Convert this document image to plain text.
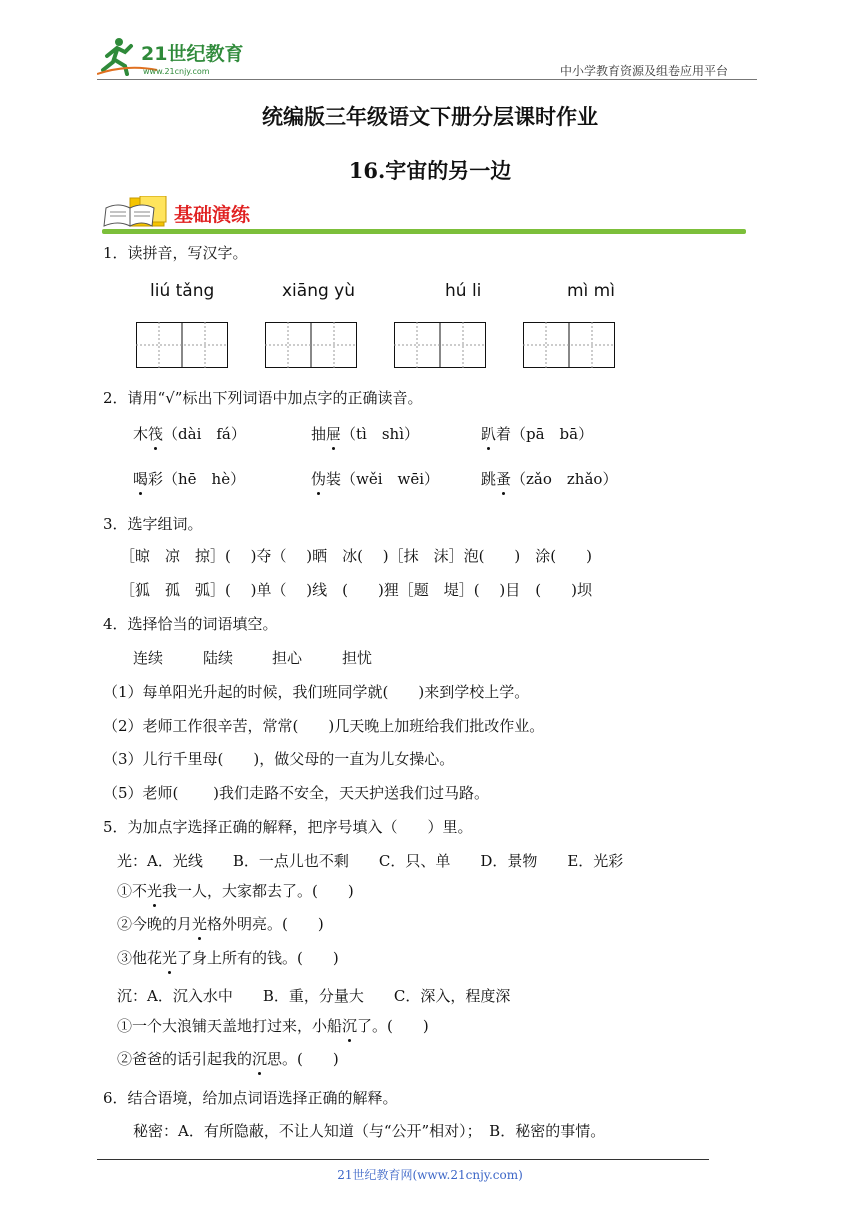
21世纪教育
www.21cnjy.com	中小学教育资源及组卷应用平台
统编版三年级语文下册分层课时作业
16.宇宙的另一边
基础演练
1．读拼音，写汉字。
liú tǎng	xiāng yù	hú li	mì mì
2．请用“√”标出下列词语中加点字的正确读音。
木筏（dài　fá）	抽屉（tì　shì）	趴着（pā　bā）
喝彩（hē　hè）	伪装（wěi　wēi）	跳蚤（zǎo　zhǎo）
3．选字组词。
［晾　凉　掠］(　 )夺（　 )晒　冰(　 )［抹　沫］泡(　　)　涂(　　)
［狐　孤　弧］(　 )单（　 )线　(　　)狸［题　堤］(　 )目　(　　)坝
4．选择恰当的词语填空。
连续	陆续	担心	担忧
（1）每单阳光升起的时候，我们班同学就(　　)来到学校上学。
（2）老师工作很辛苦，常常(　　)几天晚上加班给我们批改作业。
（3）儿行千里母(　　)，做父母的一直为儿女操心。
（5）老师(　　 )我们走路不安全，天天护送我们过马路。
5．为加点字选择正确的解释，把序号填入（　　）里。
光：A．光线　　B．一点儿也不剩　　C．只、单　　D．景物　　E．光彩
①不光我一人，大家都去了。(　　)
②今晚的月光格外明亮。(　　)
③他花光了身上所有的钱。(　　)
沉：A．沉入水中　　B．重，分量大　　C．深入，程度深
①一个大浪铺天盖地打过来，小船沉了。(　　)
②爸爸的话引起我的沉思。(　　)
6．结合语境，给加点词语选择正确的解释。
秘密：A．有所隐蔽，不让人知道（与“公开”相对）；　B．秘密的事情。
21世纪教育网(www.21cnjy.com)
